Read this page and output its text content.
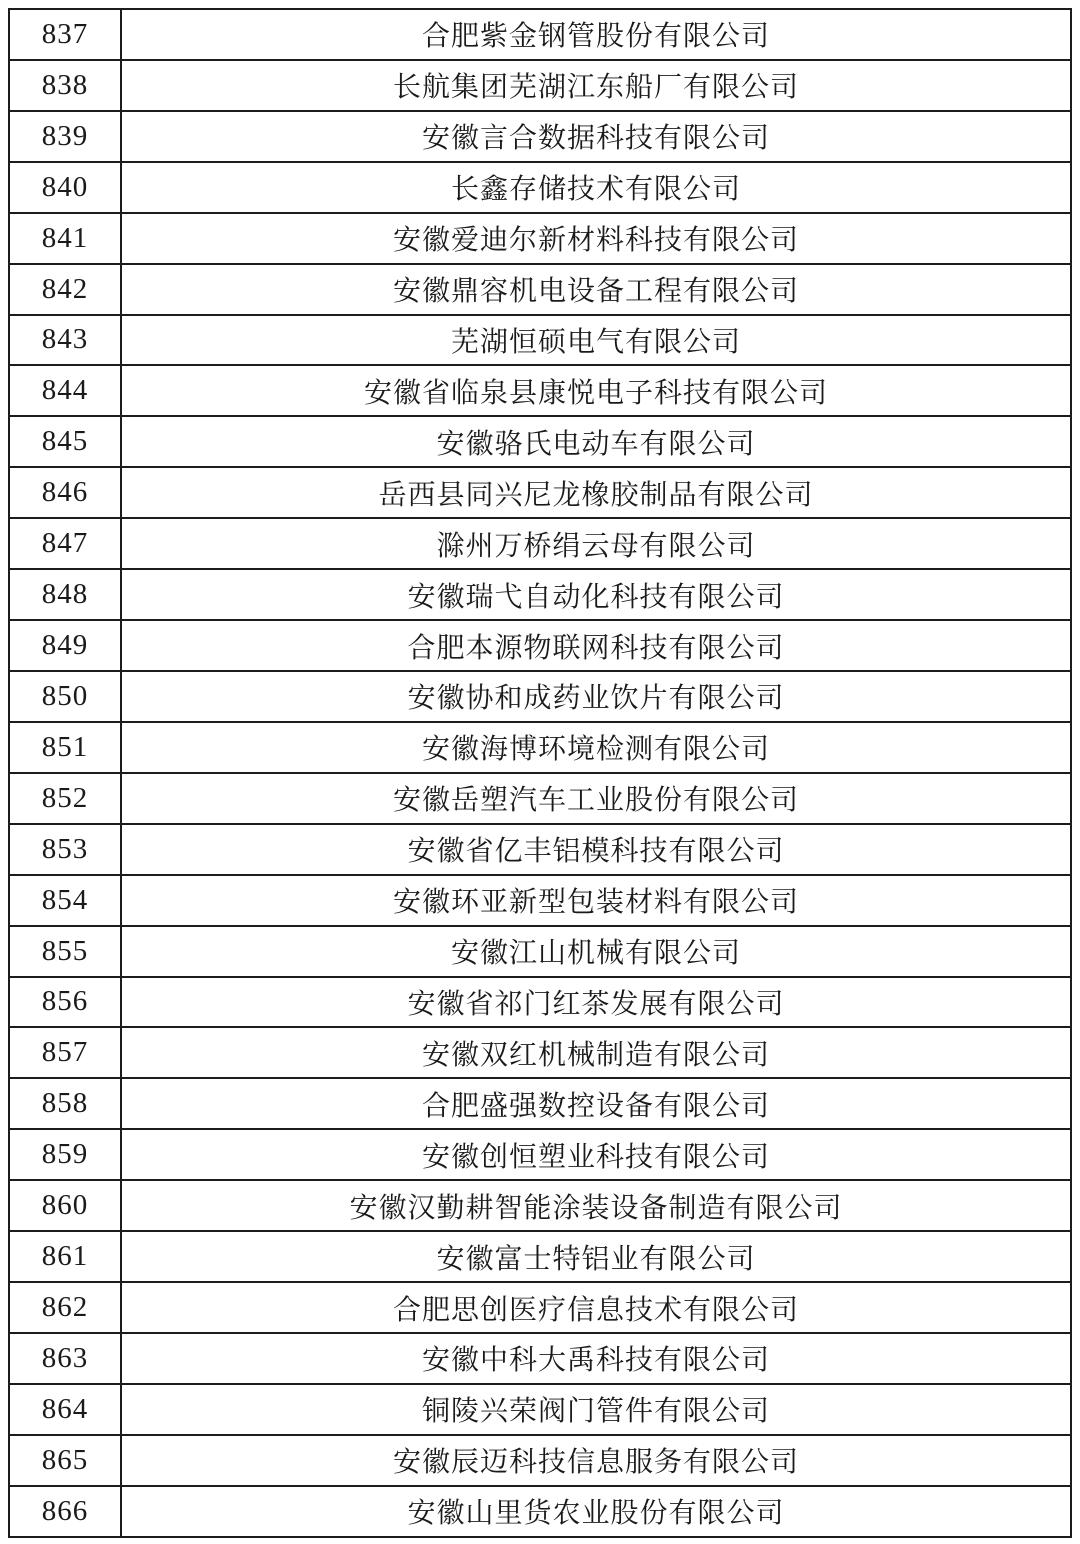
837	合肥紫金钢管股份有限公司
838	长航集团芜湖江东船厂有限公司
839	安徽言合数据科技有限公司
840	长鑫存储技术有限公司
841	安徽爱迪尔新材料科技有限公司
842	安徽鼎容机电设备工程有限公司
843	芜湖恒硕电气有限公司
844	安徽省临泉县康悦电子科技有限公司
845	安徽骆氏电动车有限公司
846	岳西县同兴尼龙橡胶制品有限公司
847	滁州万桥绢云母有限公司
848	安徽瑞弋自动化科技有限公司
849	合肥本源物联网科技有限公司
850	安徽协和成药业饮片有限公司
851	安徽海博环境检测有限公司
852	安徽岳塑汽车工业股份有限公司
853	安徽省亿丰铝模科技有限公司
854	安徽环亚新型包装材料有限公司
855	安徽江山机械有限公司
856	安徽省祁门红茶发展有限公司
857	安徽双红机械制造有限公司
858	合肥盛强数控设备有限公司
859	安徽创恒塑业科技有限公司
860	安徽汉勤耕智能涂装设备制造有限公司
861	安徽富士特铝业有限公司
862	合肥思创医疗信息技术有限公司
863	安徽中科大禹科技有限公司
864	铜陵兴荣阀门管件有限公司
865	安徽辰迈科技信息服务有限公司
866	安徽山里货农业股份有限公司
